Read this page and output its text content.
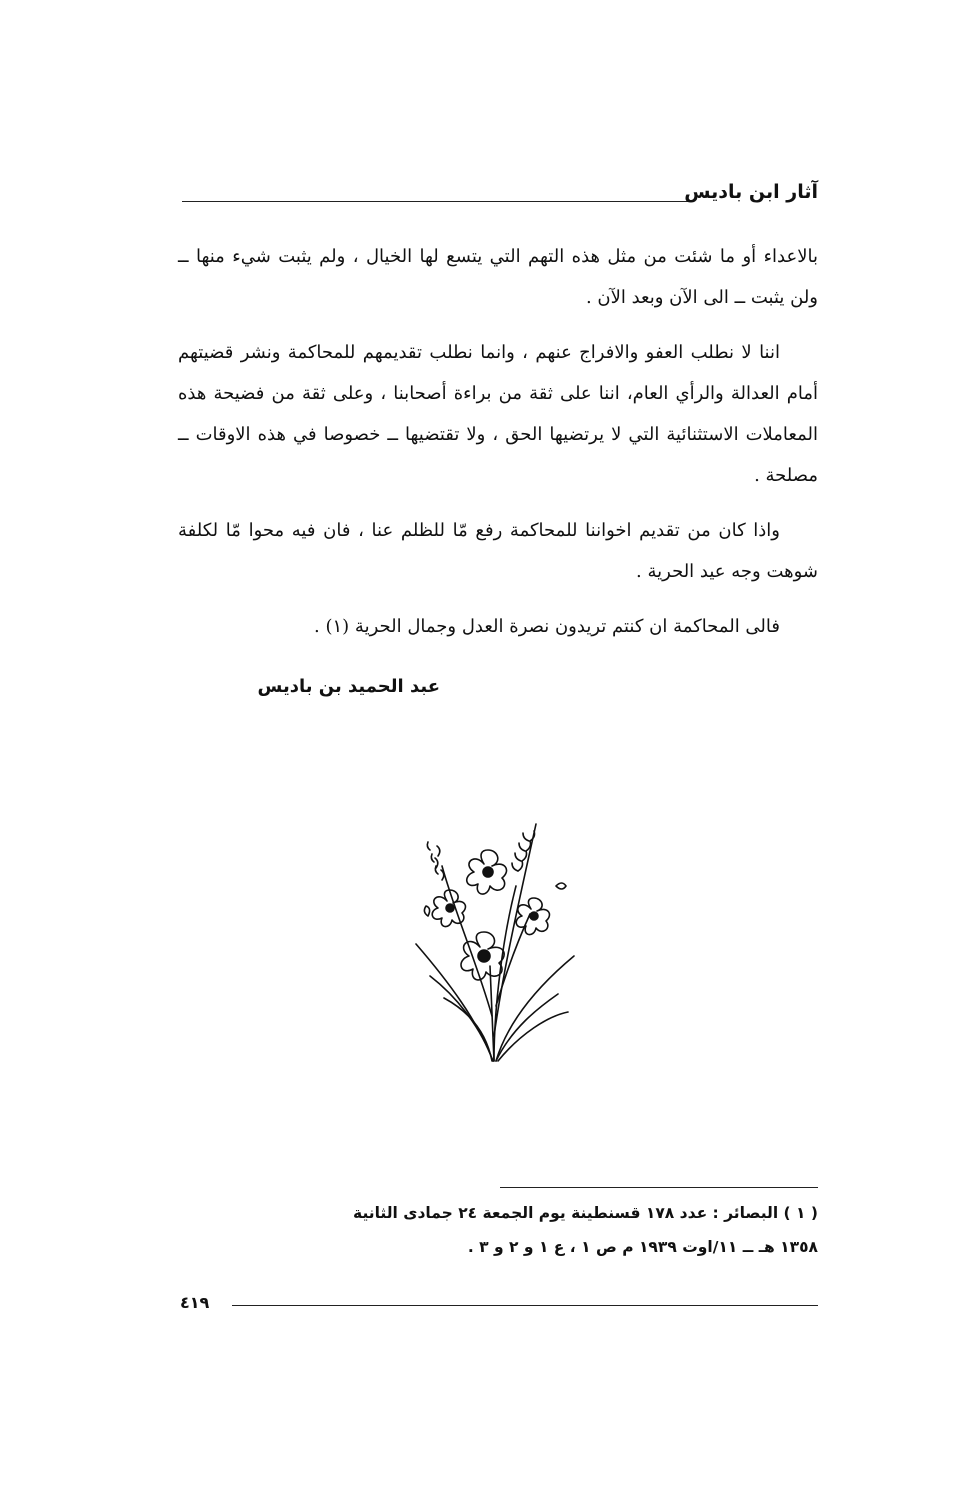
آثار ابن باديس

بالاعداء أو ما شئت من مثل هذه التهم التي يتسع لها الخيال ، ولم يثبت شيء منها ــ ولن يثبت ــ الى الآن وبعد الآن .

اننا لا نطلب العفو والافراج عنهم ، وانما نطلب تقديمهم للمحاكمة ونشر قضيتهم أمام العدالة والرأي العام، اننا على ثقة من براءة أصحابنا ، وعلى ثقة من فضيحة هذه المعاملات الاستثنائية التي لا يرتضيها الحق ، ولا تقتضيها ــ خصوصا في هذه الاوقات ــ مصلحة .

واذا كان من تقديم اخواننا للمحاكمة رفع مّا للظلم عنا ، فان فيه محوا مّا لكلفة شوهت وجه عيد الحرية .

فالى المحاكمة ان كنتم تريدون نصرة العدل وجمال الحرية (١) .

عبد الحميد بن باديس
( ١ ) البصائر : عدد ١٧٨ قسنطينة يوم الجمعة ٢٤ جمادى الثانية
١٣٥٨ هـ ــ ١١/اوت ١٩٣٩ م ص ١ ، ع ١ و ٢ و ٣ .
٤١٩
